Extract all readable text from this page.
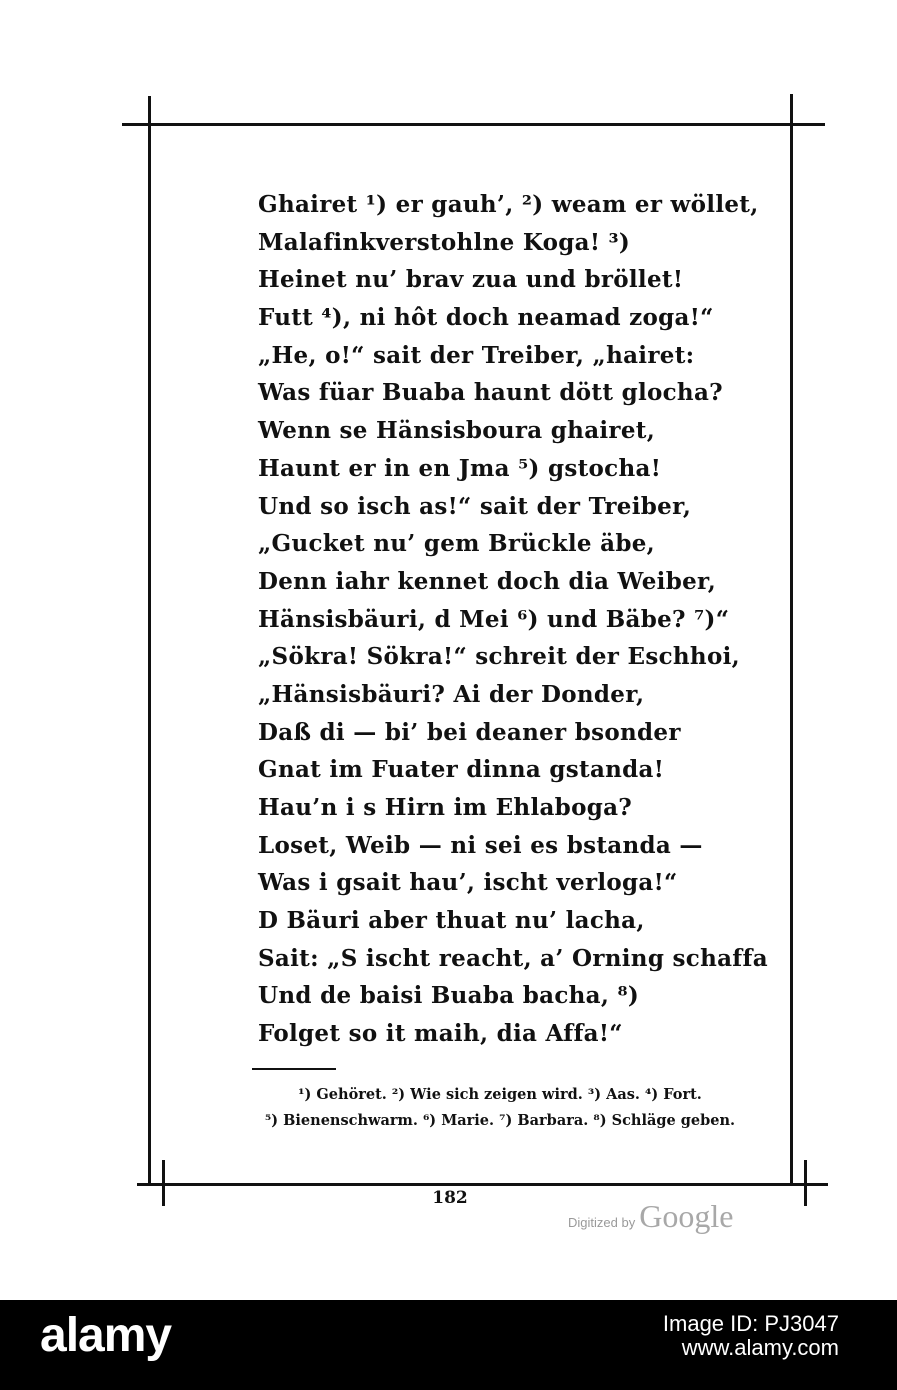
Ghairet ¹) er gauh’, ²) weam er wöllet,
Malafinkverstohlne Koga! ³)
Heinet nu’ brav zua und bröllet!
Futt ⁴), ni hôt doch neamad zoga!“
„He, o!“ sait der Treiber, „hairet:
Was füar Buaba haunt dött glocha?
Wenn se Hänsisboura ghairet,
Haunt er in en Jma ⁵) gstocha!
Und so isch as!“ sait der Treiber,
„Gucket nu’ gem Brückle äbe,
Denn iahr kennet doch dia Weiber,
Hänsisbäuri, d Mei ⁶) und Bäbe? ⁷)“
„Sökra! Sökra!“ schreit der Eschhoi,
„Hänsisbäuri? Ai der Donder,
Daß di — bi’ bei deaner bsonder
Gnat im Fuater dinna gstanda!
Hau’n i s Hirn im Ehlaboga?
Loset, Weib — ni sei es bstanda —
Was i gsait hau’, ischt verloga!“
D Bäuri aber thuat nu’ lacha,
Sait: „S ischt reacht, a’ Orning schaffa
Und de baisi Buaba bacha, ⁸)
Folget so it maih, dia Affa!“
¹) Gehöret. ²) Wie sich zeigen wird. ³) Aas. ⁴) Fort.
⁵) Bienenschwarm. ⁶) Marie. ⁷) Barbara. ⁸) Schläge geben.
182
Digitized by Google
alamy	Image ID: PJ3047
www.alamy.com
